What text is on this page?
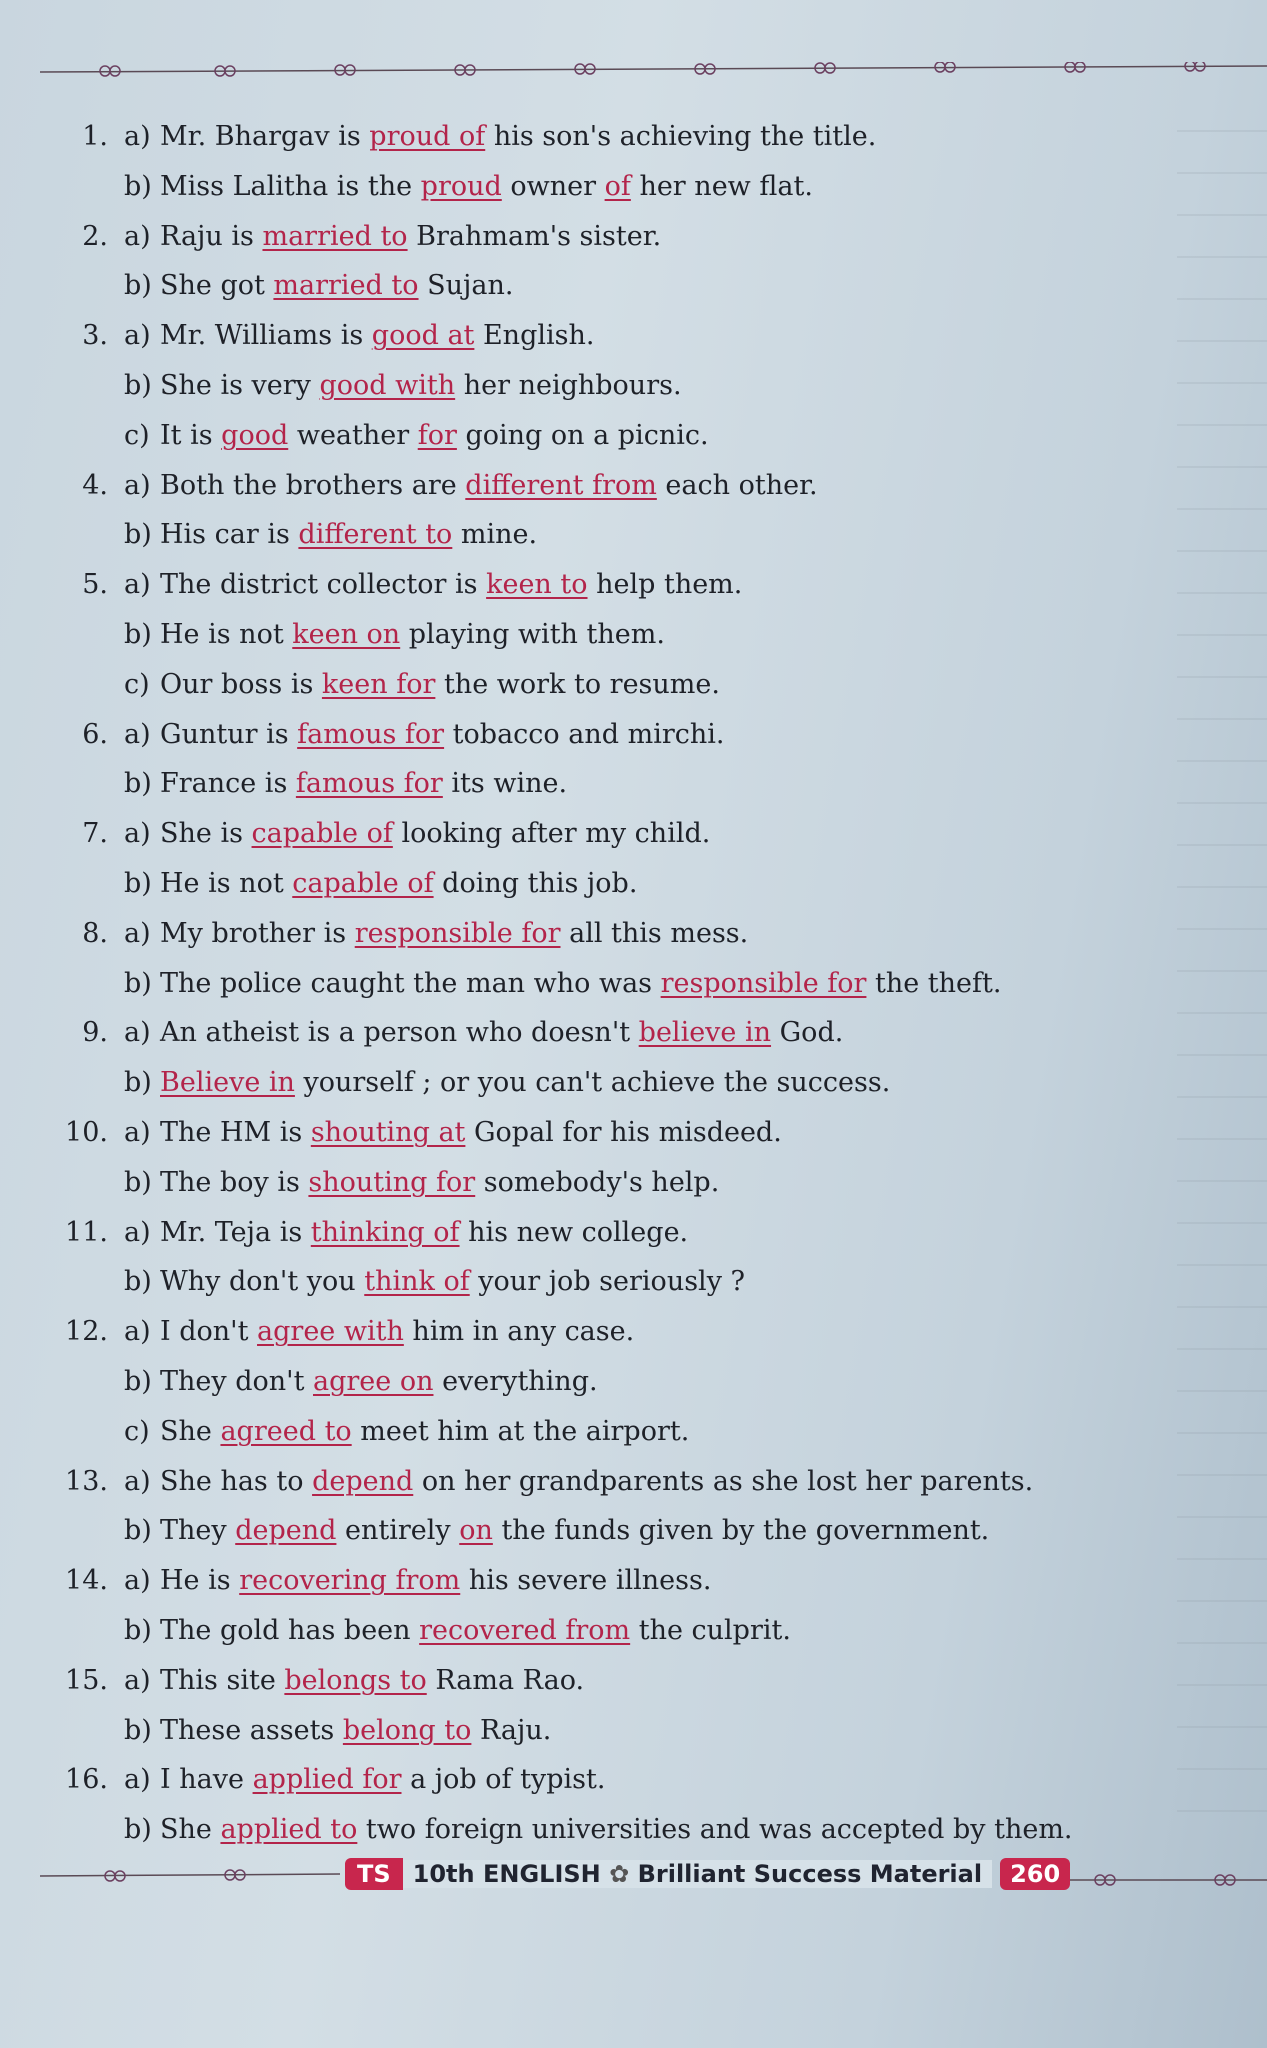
1. a) Mr. Bhargav is proud of his son's achieving the title.
b) Miss Lalitha is the proud owner of her new flat.
2. a) Raju is married to Brahmam's sister.
b) She got married to Sujan.
3. a) Mr. Williams is good at English.
b) She is very good with her neighbours.
c) It is good weather for going on a picnic.
4. a) Both the brothers are different from each other.
b) His car is different to mine.
5. a) The district collector is keen to help them.
b) He is not keen on playing with them.
c) Our boss is keen for the work to resume.
6. a) Guntur is famous for tobacco and mirchi.
b) France is famous for its wine.
7. a) She is capable of looking after my child.
b) He is not capable of doing this job.
8. a) My brother is responsible for all this mess.
b) The police caught the man who was responsible for the theft.
9. a) An atheist is a person who doesn't believe in God.
b) Believe in yourself ; or you can't achieve the success.
10. a) The HM is shouting at Gopal for his misdeed.
b) The boy is shouting for somebody's help.
11. a) Mr. Teja is thinking of his new college.
b) Why don't you think of your job seriously ?
12. a) I don't agree with him in any case.
b) They don't agree on everything.
c) She agreed to meet him at the airport.
13. a) She has to depend on her grandparents as she lost her parents.
b) They depend entirely on the funds given by the government.
14. a) He is recovering from his severe illness.
b) The gold has been recovered from the culprit.
15. a) This site belongs to Rama Rao.
b) These assets belong to Raju.
16. a) I have applied for a job of typist.
b) She applied to two foreign universities and was accepted by them.
TS 10th ENGLISH ✿ Brilliant Success Material	260
